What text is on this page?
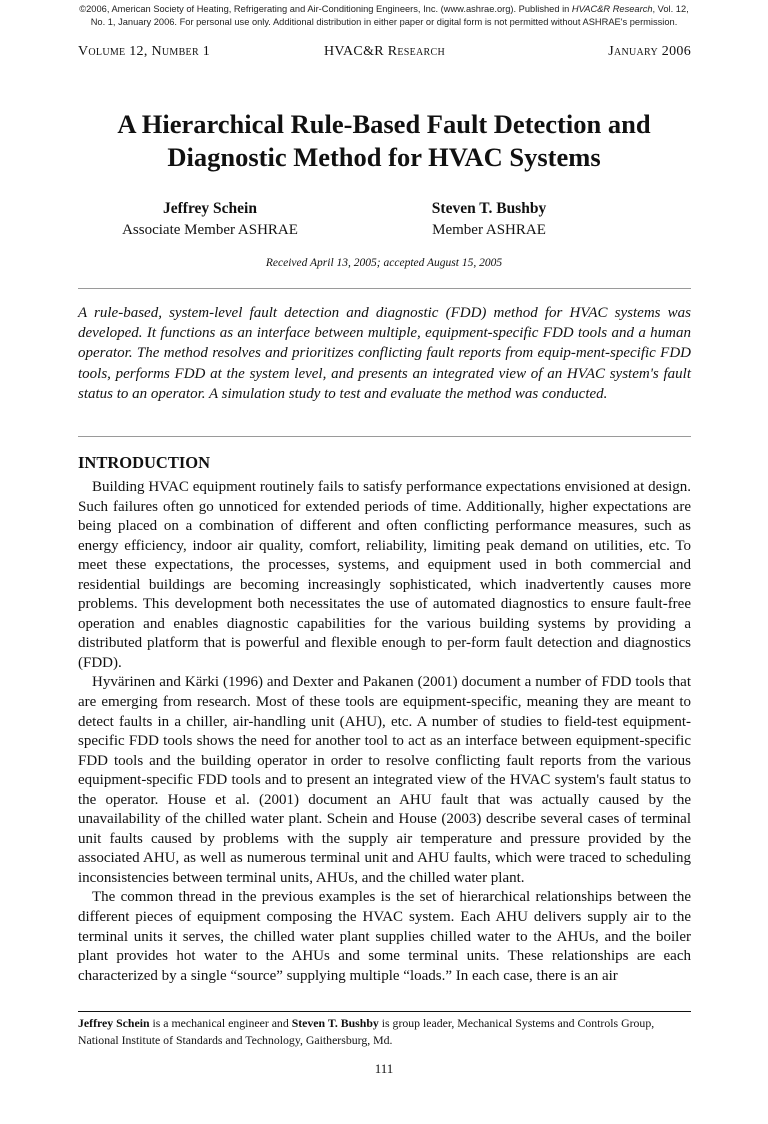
©2006, American Society of Heating, Refrigerating and Air-Conditioning Engineers, Inc. (www.ashrae.org). Published in HVAC&R Research, Vol. 12,
No. 1, January 2006. For personal use only. Additional distribution in either paper or digital form is not permitted without ASHRAE's permission.
Volume 12, Number 1	HVAC&R Research	January 2006
A Hierarchical Rule-Based Fault Detection and
Diagnostic Method for HVAC Systems
Jeffrey Schein
Associate Member ASHRAE
Steven T. Bushby
Member ASHRAE
Received April 13, 2005; accepted August 15, 2005

A rule-based, system-level fault detection and diagnostic (FDD) method for HVAC systems was developed. It functions as an interface between multiple, equipment-specific FDD tools and a human operator. The method resolves and prioritizes conflicting fault reports from equip-ment-specific FDD tools, performs FDD at the system level, and presents an integrated view of an HVAC system's fault status to an operator. A simulation study to test and evaluate the method was conducted.

INTRODUCTION

Building HVAC equipment routinely fails to satisfy performance expectations envisioned at design. Such failures often go unnoticed for extended periods of time. Additionally, higher expectations are being placed on a combination of different and often conflicting performance measures, such as energy efficiency, indoor air quality, comfort, reliability, limiting peak demand on utilities, etc. To meet these expectations, the processes, systems, and equipment used in both commercial and residential buildings are becoming increasingly sophisticated, which inadvertently causes more problems. This development both necessitates the use of automated diagnostics to ensure fault-free operation and enables diagnostic capabilities for the various building systems by providing a distributed platform that is powerful and flexible enough to per-form fault detection and diagnostics (FDD).

Hyvärinen and Kärki (1996) and Dexter and Pakanen (2001) document a number of FDD tools that are emerging from research. Most of these tools are equipment-specific, meaning they are meant to detect faults in a chiller, air-handling unit (AHU), etc. A number of studies to field-test equipment-specific FDD tools shows the need for another tool to act as an interface between equipment-specific FDD tools and the building operator in order to resolve conflicting fault reports from the various equipment-specific FDD tools and to present an integrated view of the HVAC system's fault status to the operator. House et al. (2001) document an AHU fault that was actually caused by the unavailability of the chilled water plant. Schein and House (2003) describe several cases of terminal unit faults caused by problems with the supply air temperature and pressure provided by the associated AHU, as well as numerous terminal unit and AHU faults, which were traced to scheduling inconsistencies between terminal units, AHUs, and the chilled water plant.

The common thread in the previous examples is the set of hierarchical relationships between the different pieces of equipment composing the HVAC system. Each AHU delivers supply air to the terminal units it serves, the chilled water plant supplies chilled water to the AHUs, and the boiler plant provides hot water to the AHUs and some terminal units. These relationships are each characterized by a single “source” supplying multiple “loads.” In each case, there is an air

Jeffrey Schein is a mechanical engineer and Steven T. Bushby is group leader, Mechanical Systems and Controls Group, National Institute of Standards and Technology, Gaithersburg, Md.

111
